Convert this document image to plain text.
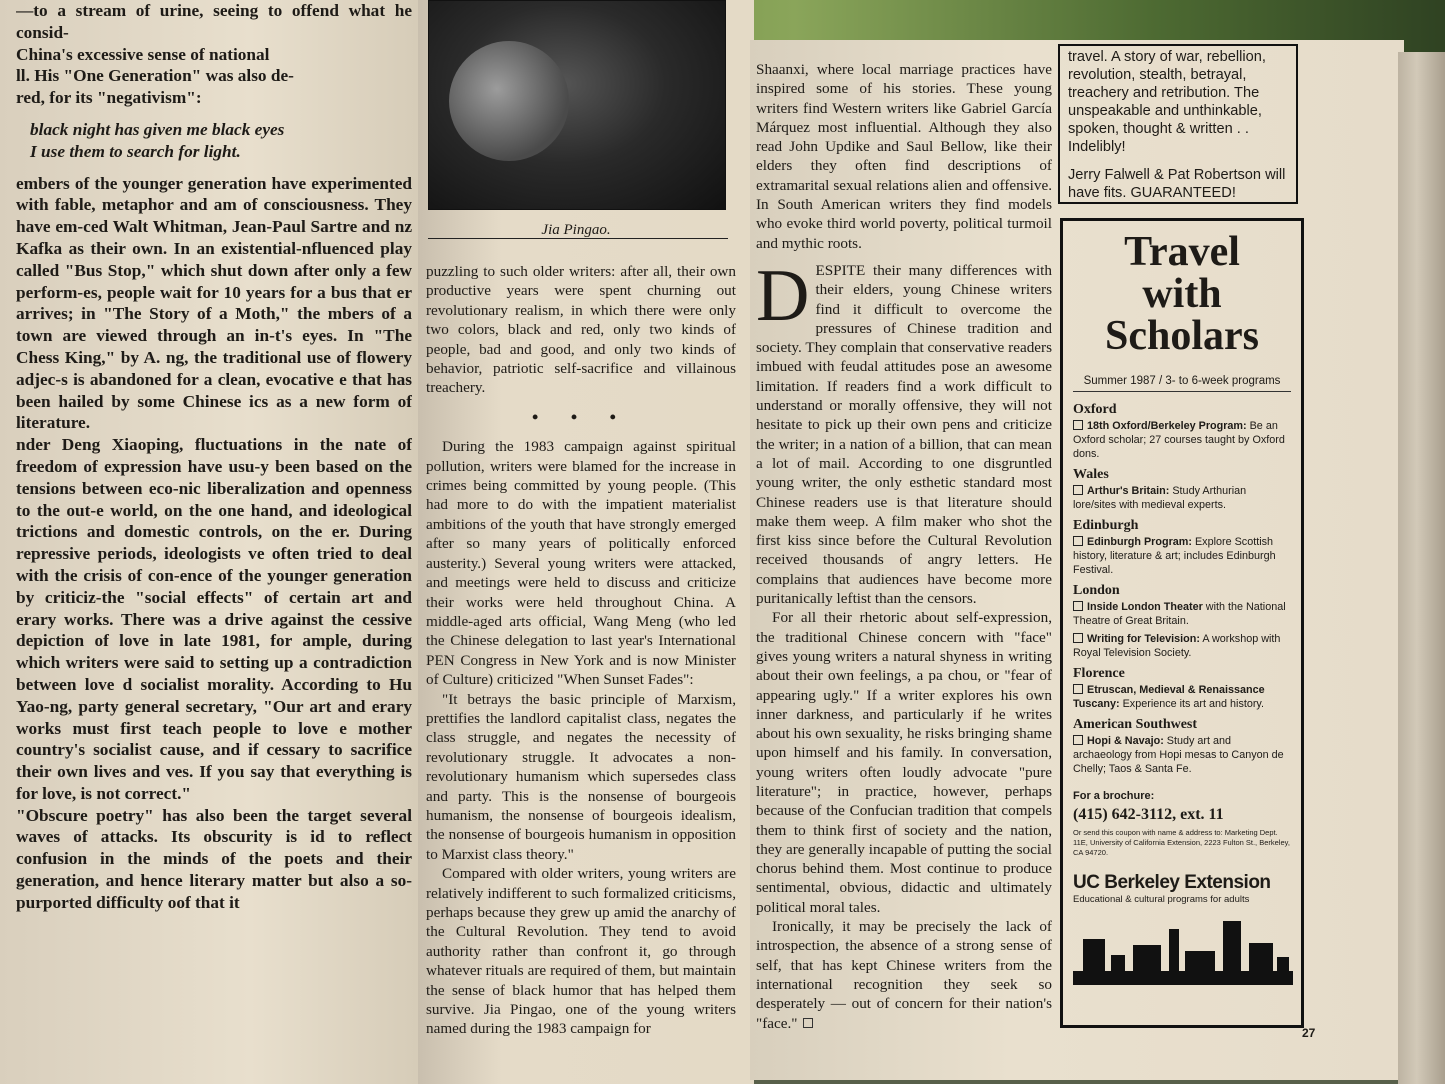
—to a stream of urine, seeing to offend what he consid-

China's excessive sense of national

ll. His "One Generation" was also de-

red, for its "negativism":

black night has given me black eyes

I use them to search for light.

embers of the younger generation have experimented with fable, metaphor and am of consciousness. They have em-ced Walt Whitman, Jean-Paul Sartre and nz Kafka as their own. In an existential-nfluenced play called "Bus Stop," which shut down after only a few perform-es, people wait for 10 years for a bus that er arrives; in "The Story of a Moth," the mbers of a town are viewed through an in-t's eyes. In "The Chess King," by A. ng, the traditional use of flowery adjec-s is abandoned for a clean, evocative e that has been hailed by some Chinese ics as a new form of literature.

nder Deng Xiaoping, fluctuations in the nate of freedom of expression have usu-y been based on the tensions between eco-nic liberalization and openness to the out-e world, on the one hand, and ideological trictions and domestic controls, on the er. During repressive periods, ideologists ve often tried to deal with the crisis of con-ence of the younger generation by criticiz-the "social effects" of certain art and erary works. There was a drive against the cessive depiction of love in late 1981, for ample, during which writers were said to setting up a contradiction between love d socialist morality. According to Hu Yao-ng, party general secretary, "Our art and erary works must first teach people to love e mother country's socialist cause, and if cessary to sacrifice their own lives and ves. If you say that everything is for love, is not correct."

"Obscure poetry" has also been the target several waves of attacks. Its obscurity is id to reflect confusion in the minds of the poets and their generation, and hence literary matter but also a so-purported difficulty oof that it

Jia Pingao.

puzzling to such older writers: after all, their own productive years were spent churning out revolutionary realism, in which there were only two colors, black and red, only two kinds of people, bad and good, and only two kinds of behavior, patriotic self-sacrifice and villainous treachery.

• • •

During the 1983 campaign against spiritual pollution, writers were blamed for the increase in crimes being committed by young people. (This had more to do with the impatient materialist ambitions of the youth that have strongly emerged after so many years of politically enforced austerity.) Several young writers were attacked, and meetings were held to discuss and criticize their works were held throughout China. A middle-aged arts official, Wang Meng (who led the Chinese delegation to last year's International PEN Congress in New York and is now Minister of Culture) criticized "When Sunset Fades":

"It betrays the basic principle of Marxism, prettifies the landlord capitalist class, negates the class struggle, and negates the necessity of revolutionary struggle. It advocates a non-revolutionary humanism which supersedes class and party. This is the nonsense of bourgeois humanism, the nonsense of bourgeois idealism, the nonsense of bourgeois humanism in opposition to Marxist class theory."

Compared with older writers, young writers are relatively indifferent to such formalized criticisms, perhaps because they grew up amid the anarchy of the Cultural Revolution. They tend to avoid authority rather than confront it, go through whatever rituals are required of them, but maintain the sense of black humor that has helped them survive. Jia Pingao, one of the young writers named during the 1983 campaign for

Shaanxi, where local marriage practices have inspired some of his stories. These young writers find Western writers like Gabriel García Márquez most influential. Although they also read John Updike and Saul Bellow, like their elders they often find descriptions of extramarital sexual relations alien and offensive. In South American writers they find models who evoke third world poverty, political turmoil and mythic roots.

DESPITE their many differences with their elders, young Chinese writers find it difficult to overcome the pressures of Chinese tradition and society. They complain that conservative readers imbued with feudal attitudes pose an awesome limitation. If readers find a work difficult to understand or morally offensive, they will not hesitate to pick up their own pens and criticize the writer; in a nation of a billion, that can mean a lot of mail. According to one disgruntled young writer, the only esthetic standard most Chinese readers use is that literature should make them weep. A film maker who shot the first kiss since before the Cultural Revolution received thousands of angry letters. He complains that audiences have become more puritanically leftist than the censors.

For all their rhetoric about self-expression, the traditional Chinese concern with "face" gives young writers a natural shyness in writing about their own feelings, a pa chou, or "fear of appearing ugly." If a writer explores his own inner darkness, and particularly if he writes about his own sexuality, he risks bringing shame upon himself and his family. In conversation, young writers often loudly advocate "pure literature"; in practice, however, perhaps because of the Confucian tradition that compels them to think first of society and the nation, they are generally incapable of putting the social chorus behind them. Most continue to produce sentimental, obvious, didactic and ultimately political moral tales.

Ironically, it may be precisely the lack of introspection, the absence of a strong sense of self, that has kept Chinese writers from the international recognition they seek so desperately — out of concern for their nation's "face."

travel. A story of war, rebellion, revolution, stealth, betrayal, treachery and retribution. The unspeakable and unthinkable, spoken, thought & written . . Indelibly!

Jerry Falwell & Pat Robertson will have fits. GUARANTEED!

Travel
with
Scholars
Summer 1987 / 3- to 6-week programs
Oxford
18th Oxford/Berkeley Program: Be an Oxford scholar; 27 courses taught by Oxford dons.
Wales
Arthur's Britain: Study Arthurian lore/sites with medieval experts.
Edinburgh
Edinburgh Program: Explore Scottish history, literature & art; includes Edinburgh Festival.
London
Inside London Theater with the National Theatre of Great Britain.
Writing for Television: A workshop with Royal Television Society.
Florence
Etruscan, Medieval & Renaissance Tuscany: Experience its art and history.
American Southwest
Hopi & Navajo: Study art and archaeology from Hopi mesas to Canyon de Chelly; Taos & Santa Fe.
For a brochure:
(415) 642-3112, ext. 11
Or send this coupon with name & address to: Marketing Dept. 11E, University of California Extension, 2223 Fulton St., Berkeley, CA 94720.
UC Berkeley Extension
Educational & cultural programs for adults
27
